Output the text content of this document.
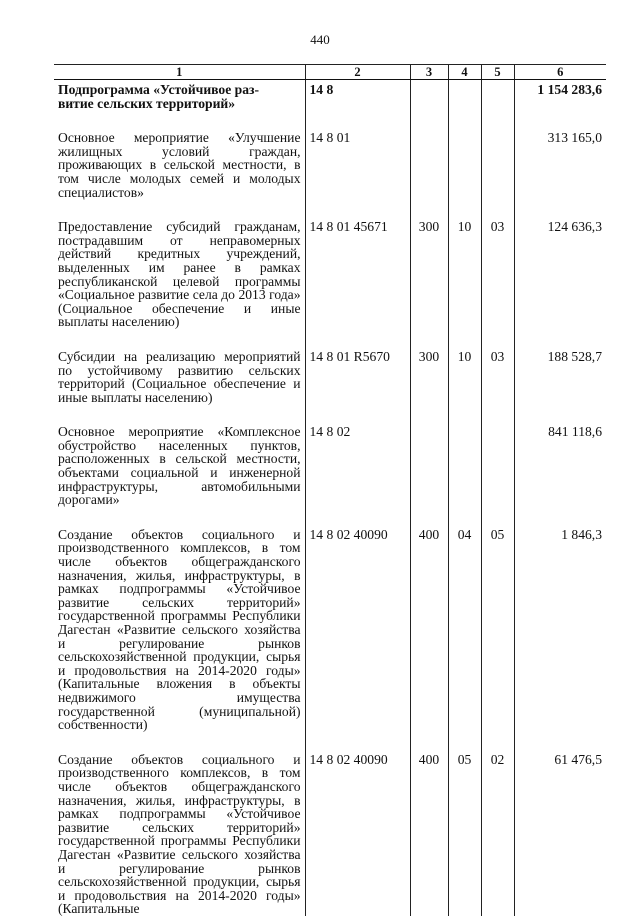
440
1	2	3	4	5	6
Подпрограмма «Устойчивое раз-
витие сельских территорий»	14 8				1 154 283,6
Основное мероприятие «Улучшение жилищных условий граждан, проживающих в сельской местности, в том числе молодых семей и молодых специалистов»	14 8 01				313 165,0
Предоставление субсидий гражданам, пострадавшим от неправомерных действий кредитных учреждений, выделенных им ранее в рамках республиканской целевой программы «Социальное развитие села до 2013 года» (Социальное обеспечение и иные выплаты населению)	14 8 01 45671	300	10	03	124 636,3
Субсидии на реализацию мероприятий по устойчивому развитию сельских территорий (Социальное обеспечение и иные выплаты населению)	14 8 01 R5670	300	10	03	188 528,7
Основное мероприятие «Комплексное обустройство населенных пунктов, расположенных в сельской местности, объектами социальной и инженерной инфраструктуры, автомобильными дорогами»	14 8 02				841 118,6
Создание объектов социального и производственного комплексов, в том числе объектов общегражданского назначения, жилья, инфраструктуры, в рамках подпрограммы «Устойчивое развитие сельских территорий» государственной программы Республики Дагестан «Развитие сельского хозяйства и регулирование рынков сельскохозяйственной продукции, сырья и продовольствия на 2014-2020 годы» (Капитальные вложения в объекты недвижимого имущества государственной (муниципальной) собственности)	14 8 02 40090	400	04	05	1 846,3
Создание объектов социального и производственного комплексов, в том числе объектов общегражданского назначения, жилья, инфраструктуры, в рамках подпрограммы «Устойчивое развитие сельских территорий» государственной программы Республики Дагестан «Развитие сельского хозяйства и регулирование рынков сельскохозяйственной продукции, сырья и продовольствия на 2014-2020 годы» (Капитальные	14 8 02 40090	400	05	02	61 476,5
